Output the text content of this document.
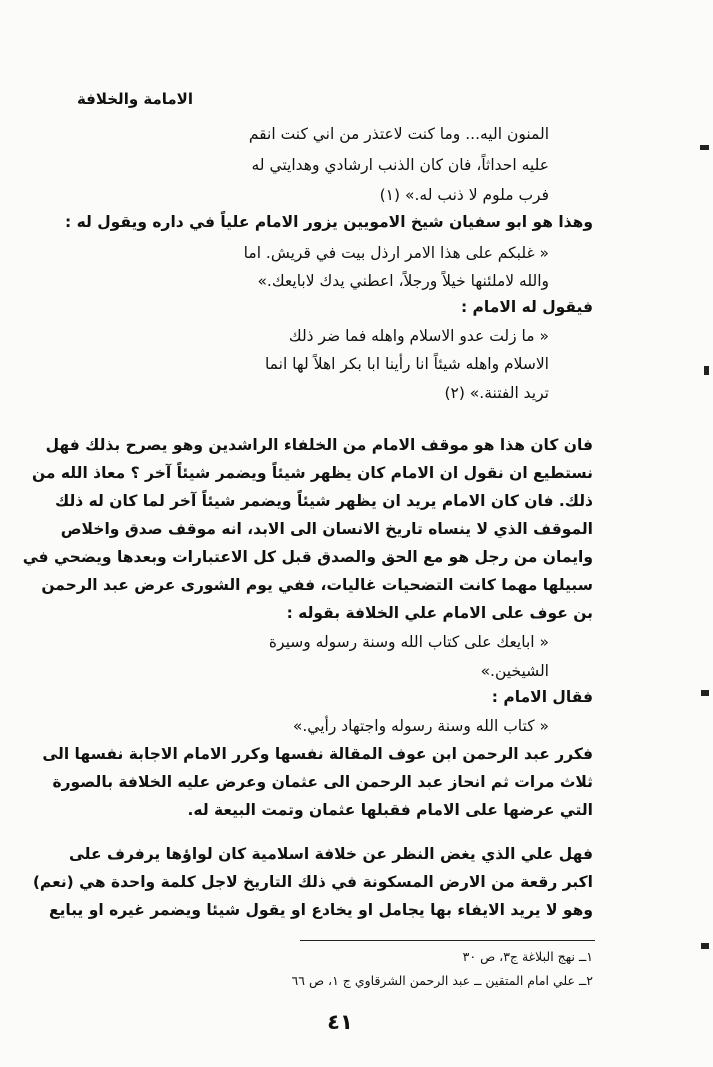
الامامة والخلافة
المنون اليه... وما كنت لاعتذر من اني كنت انقم
عليه احداثاً، فان كان الذنب ارشادي وهدايتي له
فرب ملوم لا ذنب له.» (١)
وهذا هو ابو سفيان شيخ الامويين يزور الامام علياً في داره ويقول له :
« غلبكم على هذا الامر ارذل بيت في قريش. اما
والله لاملئنها خيلاً ورجلاً، اعطني يدك لابايعك.»
فيقول له الامام :
« ما زلت عدو الاسلام واهله فما ضر ذلك
الاسلام واهله شيئاً انا رأينا ابا بكر اهلاً لها انما
تريد الفتنة.» (٢)
فان كان هذا هو موقف الامام من الخلفاء الراشدين وهو يصرح بذلك فهل
نستطيع ان نقول ان الامام كان يظهر شيئاً ويضمر شيئاً آخر ؟ معاذ الله من
ذلك. فان كان الامام يريد ان يظهر شيئاً ويضمر شيئاً آخر لما كان له ذلك
الموقف الذي لا ينساه تاريخ الانسان الى الابد، انه موقف صدق واخلاص
وايمان من رجل هو مع الحق والصدق قبل كل الاعتبارات وبعدها ويضحي في
سبيلها مهما كانت التضحيات غاليات، ففي يوم الشورى عرض عبد الرحمن
بن عوف على الامام علي الخلافة بقوله :
« ابايعك على كتاب الله وسنة رسوله وسيرة
الشيخين.»
فقال الامام :
« كتاب الله وسنة رسوله واجتهاد رأيي.»
فكرر عبد الرحمن ابن عوف المقالة نفسها وكرر الامام الاجابة نفسها الى
ثلاث مرات ثم انحاز عبد الرحمن الى عثمان وعرض عليه الخلافة بالصورة
التي عرضها على الامام فقبلها عثمان وتمت البيعة له.
فهل علي الذي يغض النظر عن خلافة اسلامية كان لواؤها يرفرف على
اكبر رقعة من الارض المسكونة في ذلك التاريخ لاجل كلمة واحدة هي (نعم)
وهو لا يريد الايفاء بها يجامل او يخادع او يقول شيئا ويضمر غيره او يبايع
١ــ نهج البلاغة ج٣، ص ٣٠
٢ــ علي امام المتقين ــ عبد الرحمن الشرقاوي ج ١، ص ٦٦
٤١
